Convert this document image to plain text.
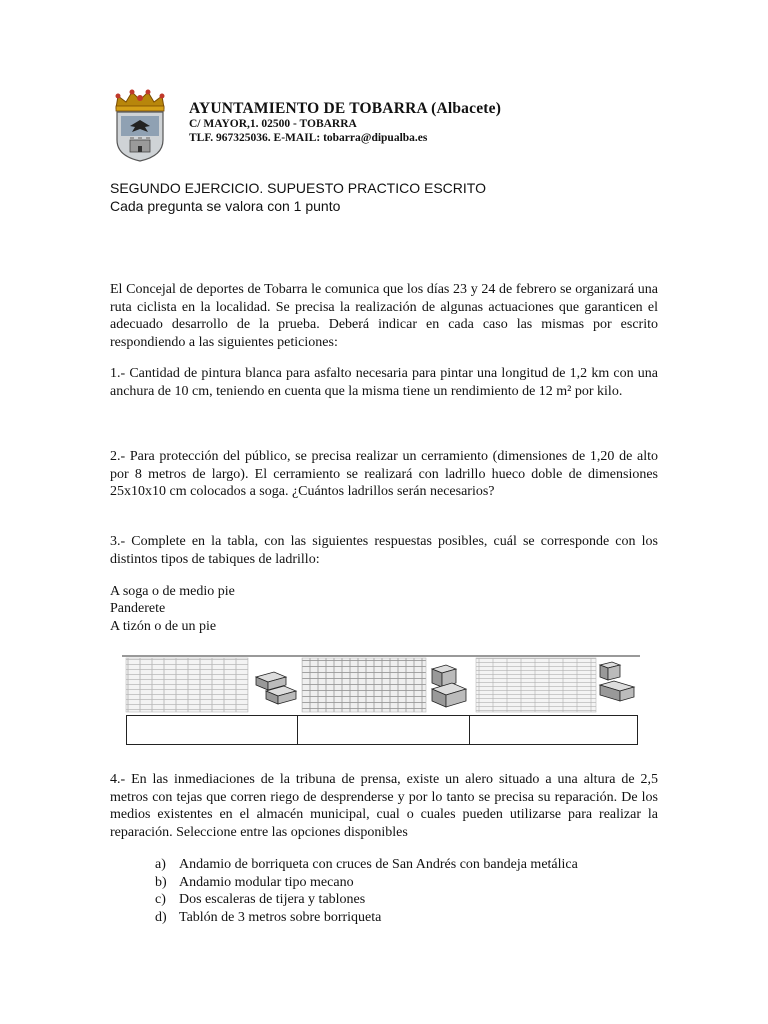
AYUNTAMIENTO DE TOBARRA (Albacete)
C/ MAYOR,1. 02500 - TOBARRA
TLF. 967325036. E-MAIL: tobarra@dipualba.es
SEGUNDO EJERCICIO. SUPUESTO PRACTICO ESCRITO
Cada pregunta se valora con 1 punto
El Concejal de deportes de Tobarra le comunica que los días 23 y 24 de febrero se organizará una ruta ciclista en la localidad. Se precisa la realización de algunas actuaciones que garanticen el adecuado desarrollo de la prueba. Deberá indicar en cada caso las mismas por escrito respondiendo a las siguientes peticiones:
1.- Cantidad de pintura blanca para asfalto necesaria para pintar una longitud de 1,2 km con una anchura de 10 cm, teniendo en cuenta que la misma tiene un rendimiento de 12 m² por kilo.
2.- Para protección del público, se precisa realizar un cerramiento (dimensiones de 1,20 de alto por 8 metros de largo). El cerramiento se realizará con ladrillo hueco doble de dimensiones 25x10x10 cm colocados a soga. ¿Cuántos ladrillos serán necesarios?
3.- Complete en la tabla, con las siguientes respuestas posibles, cuál se corresponde con los distintos tipos de tabiques de ladrillo:
A soga o de medio pie
Panderete
A tizón o de un pie
4.- En las inmediaciones de la tribuna de prensa, existe un alero situado a una altura de 2,5 metros con tejas que corren riego de desprenderse y por lo tanto se precisa su reparación. De los medios existentes en el almacén municipal, cual o cuales pueden utilizarse para realizar la reparación. Seleccione entre las opciones disponibles
a) Andamio de borriqueta con cruces de San Andrés con bandeja metálica
b) Andamio modular tipo mecano
c) Dos escaleras de tijera y tablones
d) Tablón de 3 metros sobre borriqueta
